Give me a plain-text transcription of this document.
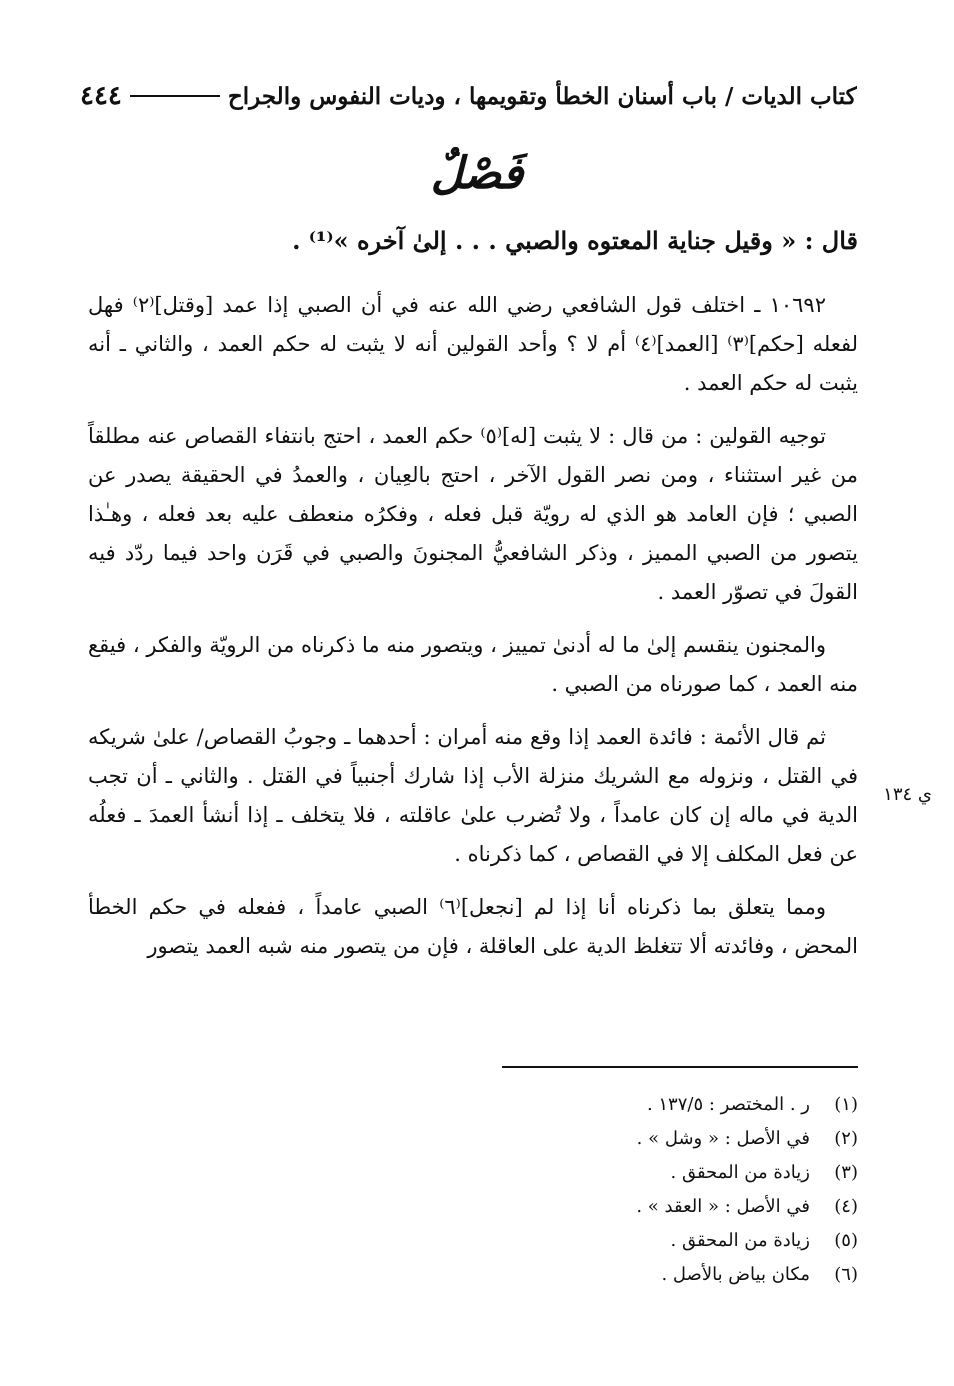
٤٤٤	كتاب الديات / باب أسنان الخطأ وتقويمها ، وديات النفوس والجراح
فَصْلٌ
قال : « وقيل جناية المعتوه والصبي . . . إلىٰ آخره »⁽¹⁾ .

١٠٦٩٢ ـ اختلف قول الشافعي رضي الله عنه في أن الصبي إذا عمد [وقتل]⁽٢⁾ فهل لفعله [حكم]⁽٣⁾ [العمد]⁽٤⁾ أم لا ؟ وأحد القولين أنه لا يثبت له حكم العمد ، والثاني ـ أنه يثبت له حكم العمد .

توجيه القولين : من قال : لا يثبت [له]⁽٥⁾ حكم العمد ، احتج بانتفاء القصاص عنه مطلقاً من غير استثناء ، ومن نصر القول الآخر ، احتج بالعِيان ، والعمدُ في الحقيقة يصدر عن الصبي ؛ فإن العامد هو الذي له رويّة قبل فعله ، وفكرُه منعطف عليه بعد فعله ، وهـٰذا يتصور من الصبي المميز ، وذكر الشافعيُّ المجنونَ والصبي في قَرَن واحد فيما ردّد فيه القولَ في تصوّر العمد .

والمجنون ينقسم إلىٰ ما له أدنىٰ تمييز ، ويتصور منه ما ذكرناه من الرويّة والفكر ، فيقع منه العمد ، كما صورناه من الصبي .

ثم قال الأئمة : فائدة العمد إذا وقع منه أمران : أحدهما ـ وجوبُ القصاص/ علىٰ شريكه في القتل ، ونزوله مع الشريك منزلة الأب إذا شارك أجنبياً في القتل . والثاني ـ أن تجب الدية في ماله إن كان عامداً ، ولا تُضرب علىٰ عاقلته ، فلا يتخلف ـ إذا أنشأ العمدَ ـ فعلُه عن فعل المكلف إلا في القصاص ، كما ذكرناه .

ومما يتعلق بما ذكرناه أنا إذا لم [نجعل]⁽٦⁾ الصبي عامداً ، ففعله في حكم الخطأ المحض ، وفائدته ألا تتغلظ الدية على العاقلة ، فإن من يتصور منه شبه العمد يتصور

ي ١٣٤
(١)
ر . المختصر : ١٣٧/٥ .
(٢)
في الأصل : « وشل » .
(٣)
زيادة من المحقق .
(٤)
في الأصل : « العقد » .
(٥)
زيادة من المحقق .
(٦)
مكان بياض بالأصل .
